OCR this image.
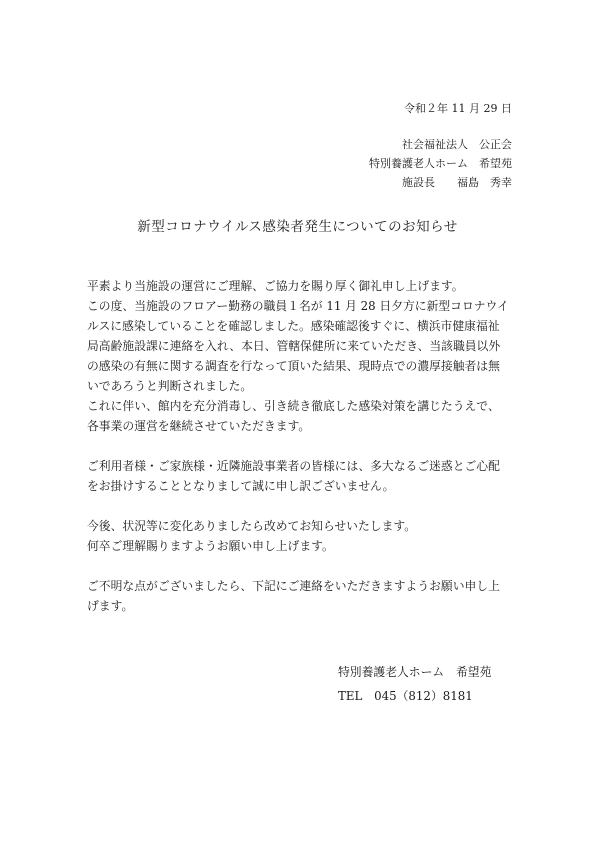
令和２年 11 月 29 日
社会福祉法人　公正会
特別養護老人ホーム　希望苑
施設長　　福島　秀幸
新型コロナウイルス感染者発生についてのお知らせ

平素より当施設の運営にご理解、ご協力を賜り厚く御礼申し上げます。
この度、当施設のフロアー勤務の職員１名が 11 月 28 日夕方に新型コロナウイ
ルスに感染していることを確認しました。感染確認後すぐに、横浜市健康福祉
局高齢施設課に連絡を入れ、本日、管轄保健所に来ていただき、当該職員以外
の感染の有無に関する調査を行なって頂いた結果、現時点での濃厚接触者は無
いであろうと判断されました。
これに伴い、館内を充分消毒し、引き続き徹底した感染対策を講じたうえで、
各事業の運営を継続させていただきます。

ご利用者様・ご家族様・近隣施設事業者の皆様には、多大なるご迷惑とご心配
をお掛けすることとなりまして誠に申し訳ございません。

今後、状況等に変化ありましたら改めてお知らせいたします。
何卒ご理解賜りますようお願い申し上げます。

ご不明な点がございましたら、下記にご連絡をいただきますようお願い申し上
げます。

特別養護老人ホーム　希望苑
TEL　045（812）8181
